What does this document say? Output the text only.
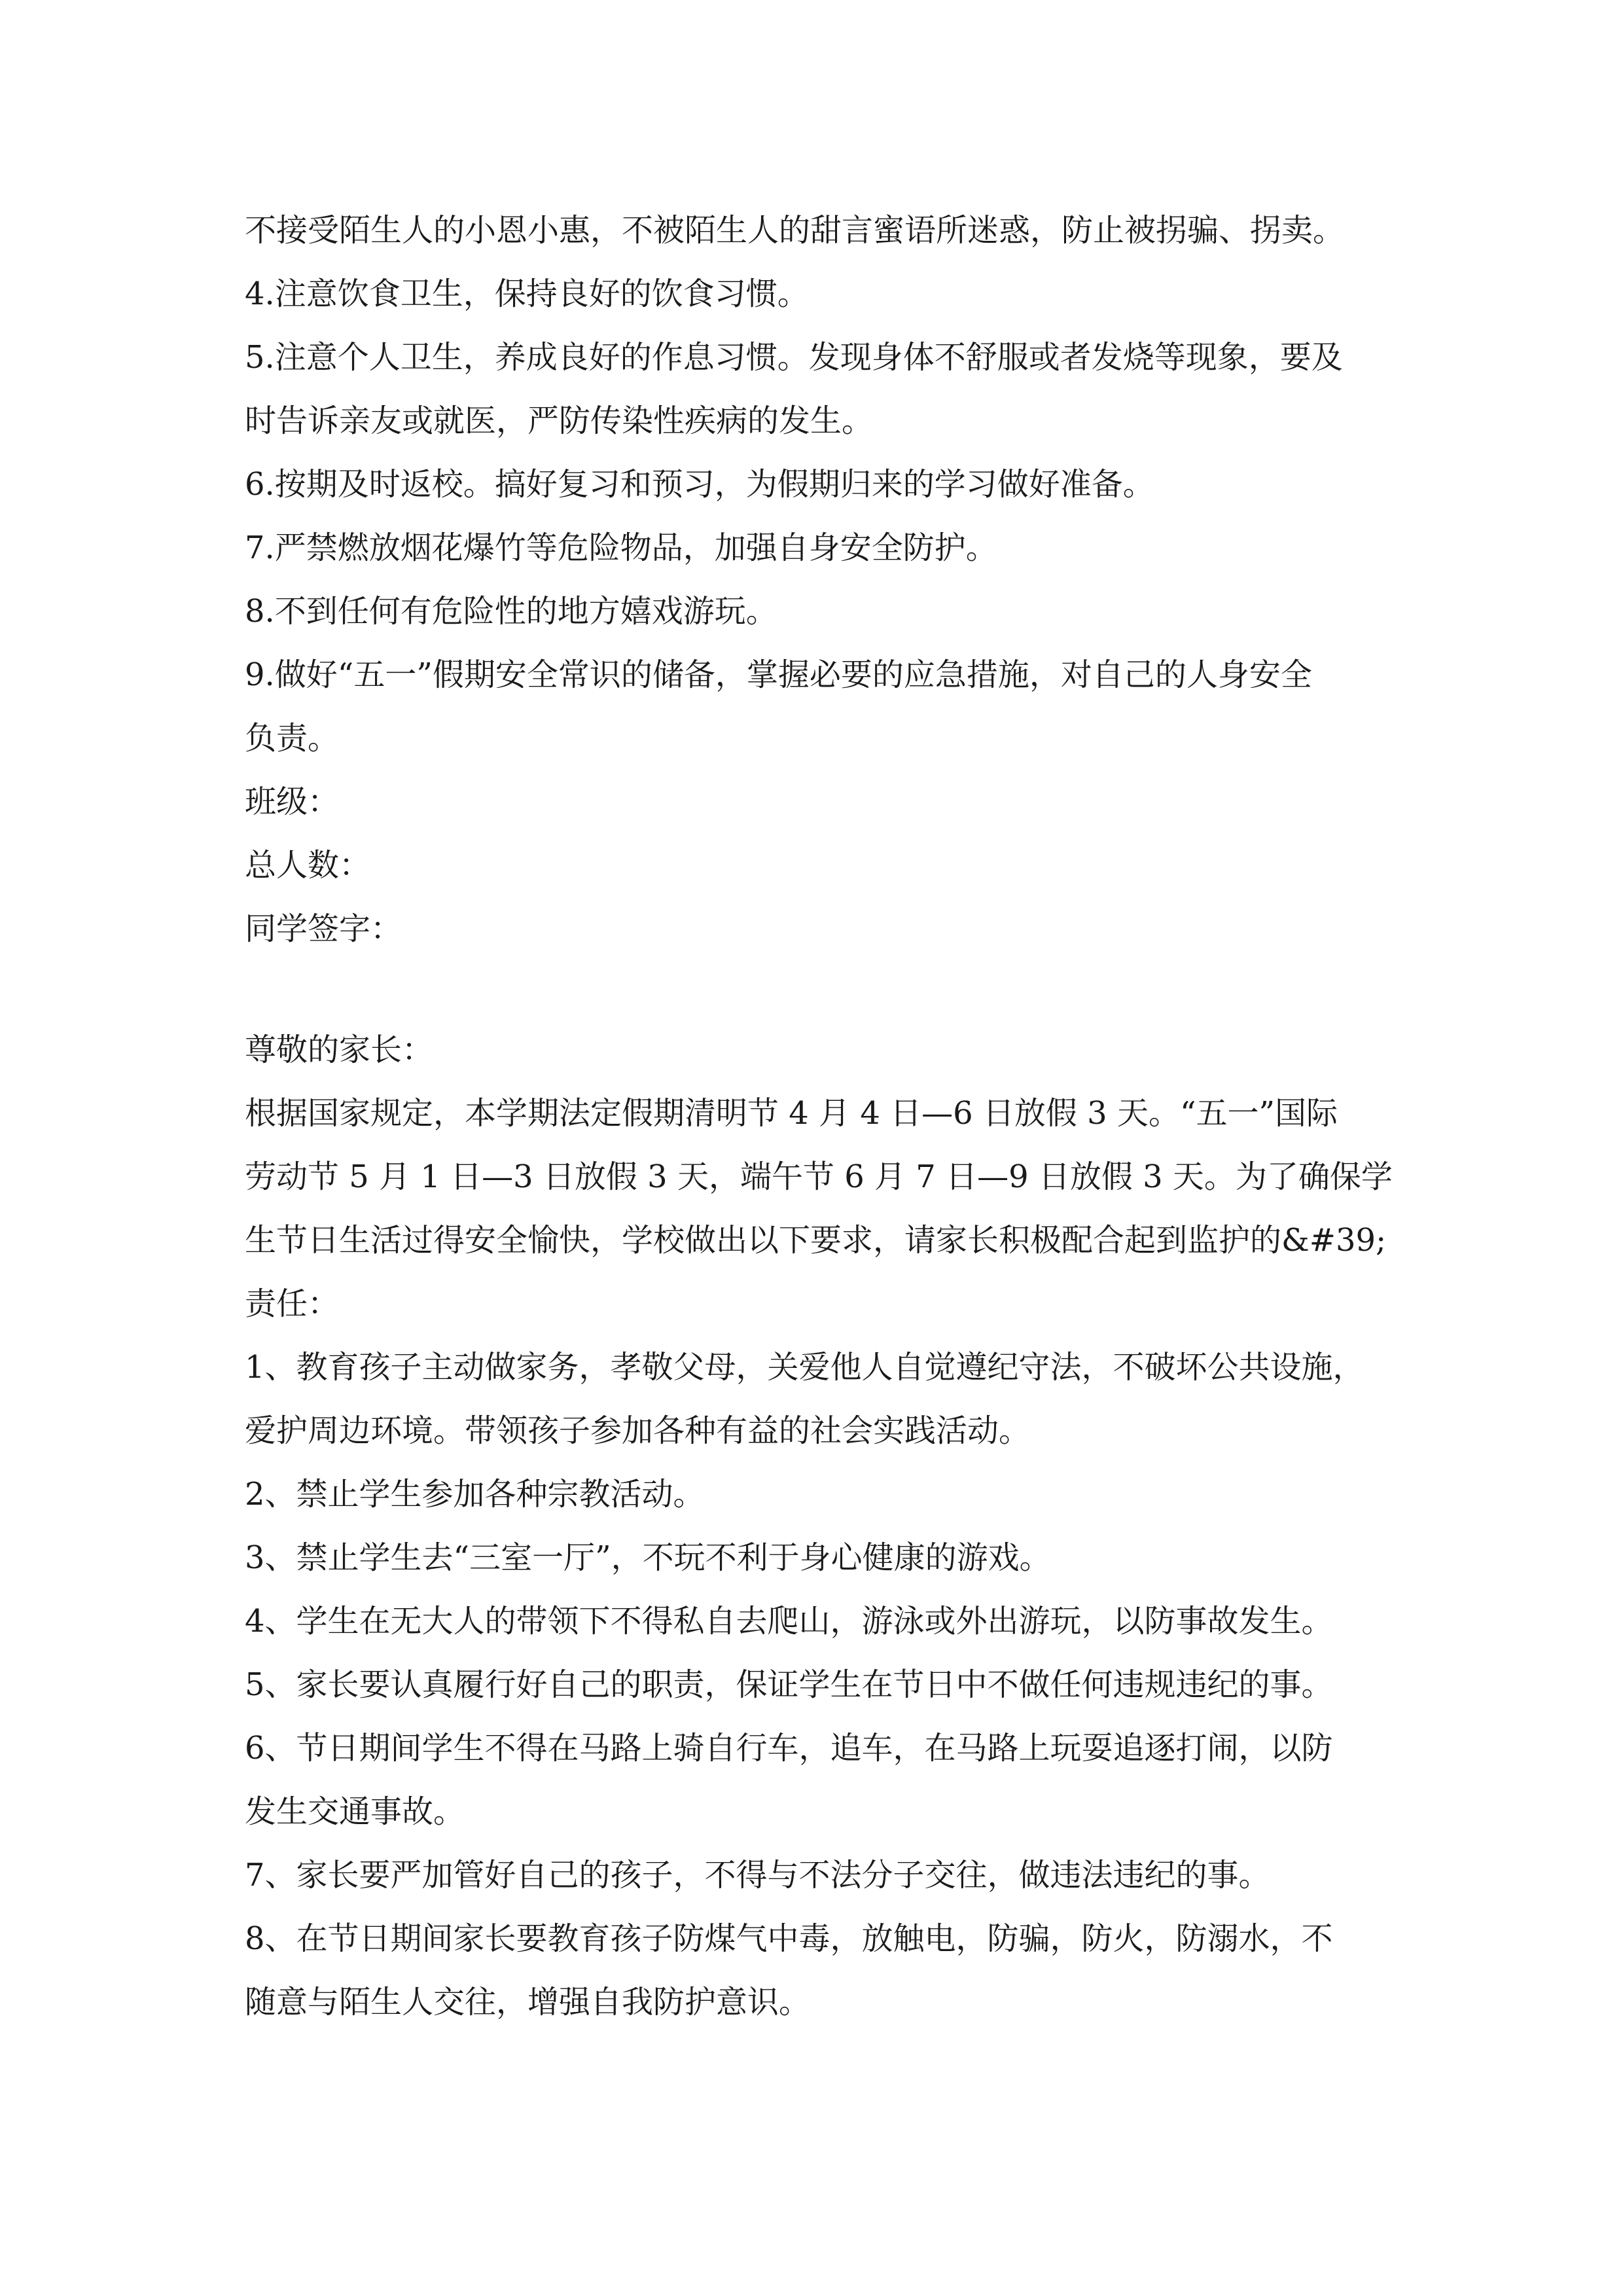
不接受陌生人的小恩小惠，不被陌生人的甜言蜜语所迷惑，防止被拐骗、拐卖。
4.注意饮食卫生，保持良好的饮食习惯。
5.注意个人卫生，养成良好的作息习惯。发现身体不舒服或者发烧等现象，要及
时告诉亲友或就医，严防传染性疾病的发生。
6.按期及时返校。搞好复习和预习，为假期归来的学习做好准备。
7.严禁燃放烟花爆竹等危险物品，加强自身安全防护。
8.不到任何有危险性的地方嬉戏游玩。
9.做好“五一”假期安全常识的储备，掌握必要的应急措施，对自己的人身安全
负责。
班级：
总人数：
同学签字：
尊敬的家长：
根据国家规定，本学期法定假期清明节 4 月 4 日—6 日放假 3 天。“五一”国际
劳动节 5 月 1 日—3 日放假 3 天，端午节 6 月 7 日—9 日放假 3 天。为了确保学
生节日生活过得安全愉快，学校做出以下要求，请家长积极配合起到监护的&#39;
责任：
1、教育孩子主动做家务，孝敬父母，关爱他人自觉遵纪守法，不破坏公共设施，
爱护周边环境。带领孩子参加各种有益的社会实践活动。
2、禁止学生参加各种宗教活动。
3、禁止学生去“三室一厅”，不玩不利于身心健康的游戏。
4、学生在无大人的带领下不得私自去爬山，游泳或外出游玩，以防事故发生。
5、家长要认真履行好自己的职责，保证学生在节日中不做任何违规违纪的事。
6、节日期间学生不得在马路上骑自行车，追车，在马路上玩耍追逐打闹，以防
发生交通事故。
7、家长要严加管好自己的孩子，不得与不法分子交往，做违法违纪的事。
8、在节日期间家长要教育孩子防煤气中毒，放触电，防骗，防火，防溺水，不
随意与陌生人交往，增强自我防护意识。
